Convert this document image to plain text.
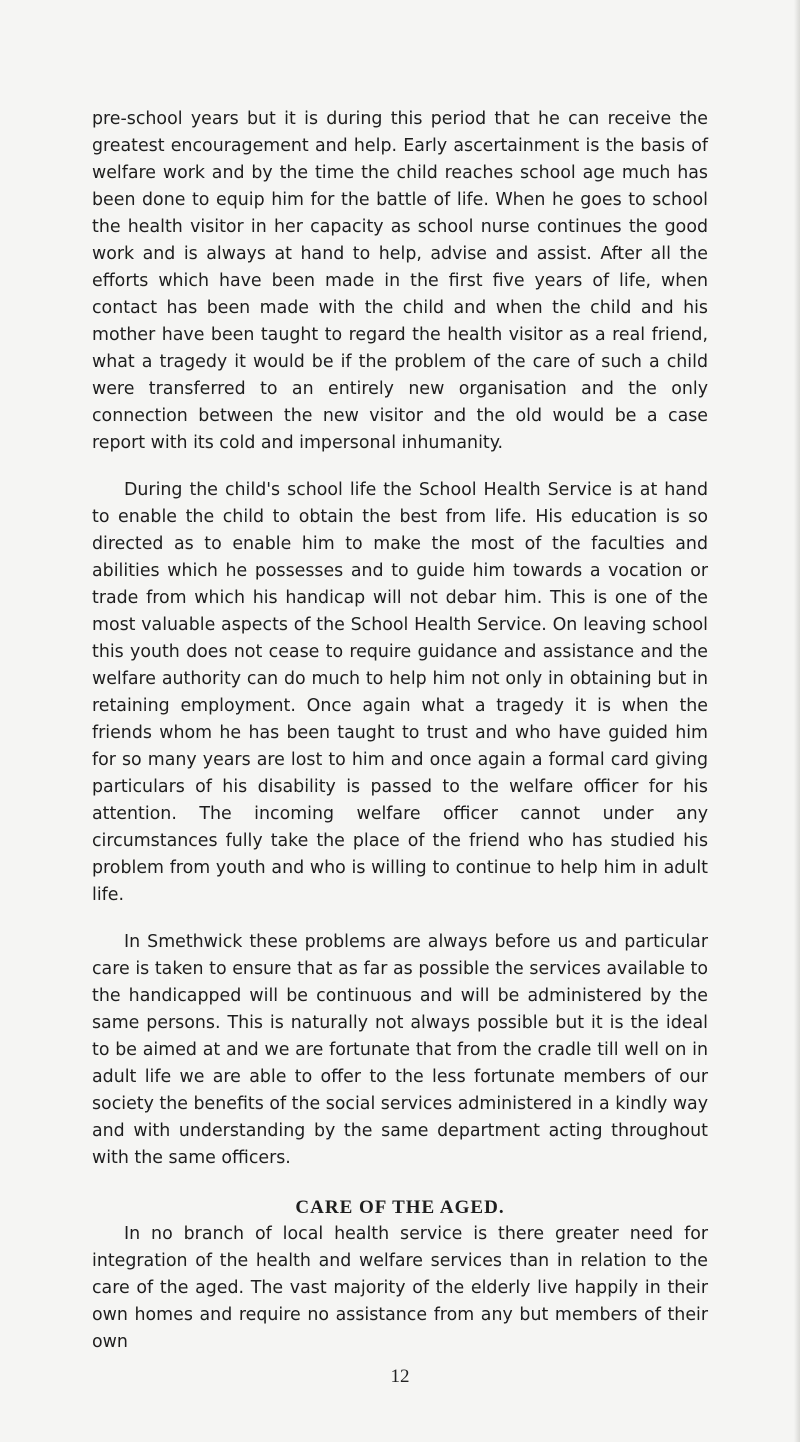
pre-school years but it is during this period that he can receive the greatest encouragement and help. Early ascertainment is the basis of welfare work and by the time the child reaches school age much has been done to equip him for the battle of life. When he goes to school the health visitor in her capacity as school nurse continues the good work and is always at hand to help, advise and assist. After all the efforts which have been made in the first five years of life, when contact has been made with the child and when the child and his mother have been taught to regard the health visitor as a real friend, what a tragedy it would be if the problem of the care of such a child were transferred to an entirely new organisation and the only connection between the new visitor and the old would be a case report with its cold and impersonal inhumanity.

During the child's school life the School Health Service is at hand to enable the child to obtain the best from life. His education is so directed as to enable him to make the most of the faculties and abilities which he possesses and to guide him towards a vocation or trade from which his handicap will not debar him. This is one of the most valuable aspects of the School Health Service. On leaving school this youth does not cease to require guidance and assistance and the welfare authority can do much to help him not only in obtaining but in retaining employment. Once again what a tragedy it is when the friends whom he has been taught to trust and who have guided him for so many years are lost to him and once again a formal card giving particulars of his disability is passed to the welfare officer for his attention. The incoming welfare officer cannot under any circumstances fully take the place of the friend who has studied his problem from youth and who is willing to continue to help him in adult life.

In Smethwick these problems are always before us and particular care is taken to ensure that as far as possible the services available to the handicapped will be continuous and will be administered by the same persons. This is naturally not always possible but it is the ideal to be aimed at and we are fortunate that from the cradle till well on in adult life we are able to offer to the less fortunate members of our society the benefits of the social services administered in a kindly way and with understanding by the same department acting throughout with the same officers.

CARE OF THE AGED.

In no branch of local health service is there greater need for integration of the health and welfare services than in relation to the care of the aged. The vast majority of the elderly live happily in their own homes and require no assistance from any but members of their own

12
